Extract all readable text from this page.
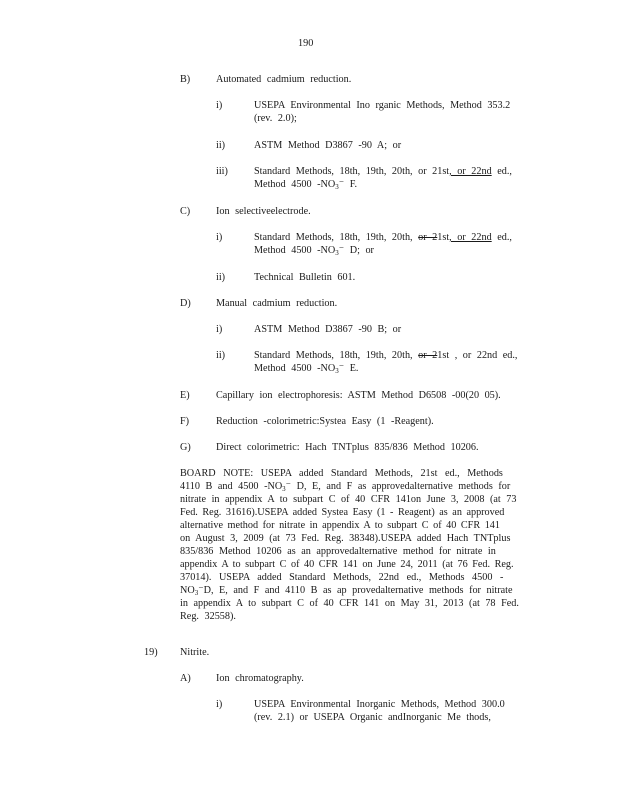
190
B)	Automated cadmium reduction.
i)	USEPA Environmental Ino rganic Methods, Method 353.2
(rev. 2.0);
ii)	ASTM Method D3867 -90 A; or
iii)	Standard Methods, 18th, 19th, 20th, or 21st, or 22nd ed.,
Method 4500 $-NO_3^-$ F.
C)	Ion selectiveelectrode.
i)	Standard Methods, 18th, 19th, 20th, or 21st, or 22nd ed.,
Method 4500 $-NO_3^-$ D; or
ii)	Technical Bulletin 601.
D) Manual cadmium reduction.
i)	ASTM Method D3867 -90 B; or
ii)	Standard Methods, 18th, 19th, 20th, or 21st , or 22nd ed.,
Method 4500 $-NO_3^-$ E.
E)	Capillary ion electrophoresis: ASTM Method D6508 -00(20 05).
F)	Reduction -colorimetric:Systea Easy (1 -Reagent).
G) Direct colorimetric: Hach TNTplus 835/836 Method 10206.
BOARD NOTE: USEPA added Standard Methods, 21st ed., Methods
4110 B and 4500 $-NO_3^-$ D, E, and F as approvedalternative methods for
nitrate in appendix A to subpart C of 40 CFR 141on June 3, 2008 (at 73
Fed. Reg. 31616).USEPA added Systea Easy (1 - Reagent) as an approved
alternative method for nitrate in appendix A to subpart C of 40 CFR 141
on August 3, 2009 (at 73 Fed. Reg. 38348).USEPA added Hach TNTplus
835/836 Method 10206 as an approvedalternative method for nitrate in
appendix A to subpart C of 40 CFR 141 on June 24, 2011 (at 76 Fed. Reg.
37014). USEPA added Standard Methods, 22nd ed., Methods 4500 -
$NO_3^-D$, E, and F and 4110 B as ap provedalternative methods for nitrate
in appendix A to subpart C of 40 CFR 141 on May 31, 2013 (at 78 Fed.
Reg. 32558).
19) Nitrite.
A) Ion chromatography.
i)	USEPA Environmental Inorganic Methods, Method 300.0
(rev. 2.1) or USEPA Organic andInorganic Me thods,
